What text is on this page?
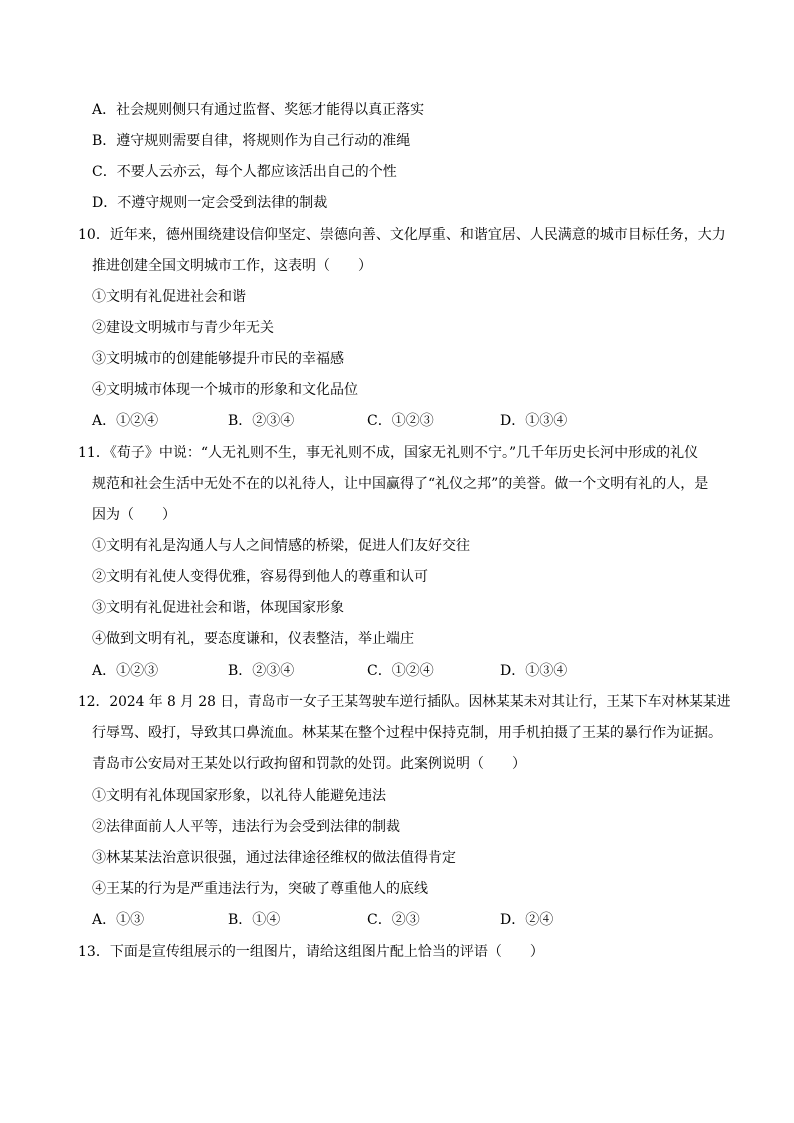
A．社会规则侧只有通过监督、奖惩才能得以真正落实
B．遵守规则需要自律，将规则作为自己行动的准绳
C．不要人云亦云，每个人都应该活出自己的个性
D．不遵守规则一定会受到法律的制裁
10．近年来，德州围绕建设信仰坚定、崇德向善、文化厚重、和谐宜居、人民满意的城市目标任务，大力
推进创建全国文明城市工作，这表明（　　）
①文明有礼促进社会和谐
②建设文明城市与青少年无关
③文明城市的创建能够提升市民的幸福感
④文明城市体现一个城市的形象和文化品位
A．①②④	B．②③④	C．①②③	D．①③④
11．《荀子》中说：“人无礼则不生，事无礼则不成，国家无礼则不宁。”几千年历史长河中形成的礼仪
规范和社会生活中无处不在的以礼待人，让中国赢得了“礼仪之邦”的美誉。做一个文明有礼的人，是
因为（　　）
①文明有礼是沟通人与人之间情感的桥梁，促进人们友好交往
②文明有礼使人变得优雅，容易得到他人的尊重和认可
③文明有礼促进社会和谐，体现国家形象
④做到文明有礼，要态度谦和，仪表整洁，举止端庄
A．①②③	B．②③④	C．①②④	D．①③④
12．2024 年 8 月 28 日，青岛市一女子王某驾驶车逆行插队。因林某某未对其让行，王某下车对林某某进
行辱骂、殴打，导致其口鼻流血。林某某在整个过程中保持克制，用手机拍摄了王某的暴行作为证据。
青岛市公安局对王某处以行政拘留和罚款的处罚。此案例说明（　　）
①文明有礼体现国家形象，以礼待人能避免违法
②法律面前人人平等，违法行为会受到法律的制裁
③林某某法治意识很强，通过法律途径维权的做法值得肯定
④王某的行为是严重违法行为，突破了尊重他人的底线
A．①③	B．①④	C．②③	D．②④
13．下面是宣传组展示的一组图片，请给这组图片配上恰当的评语（　　）
